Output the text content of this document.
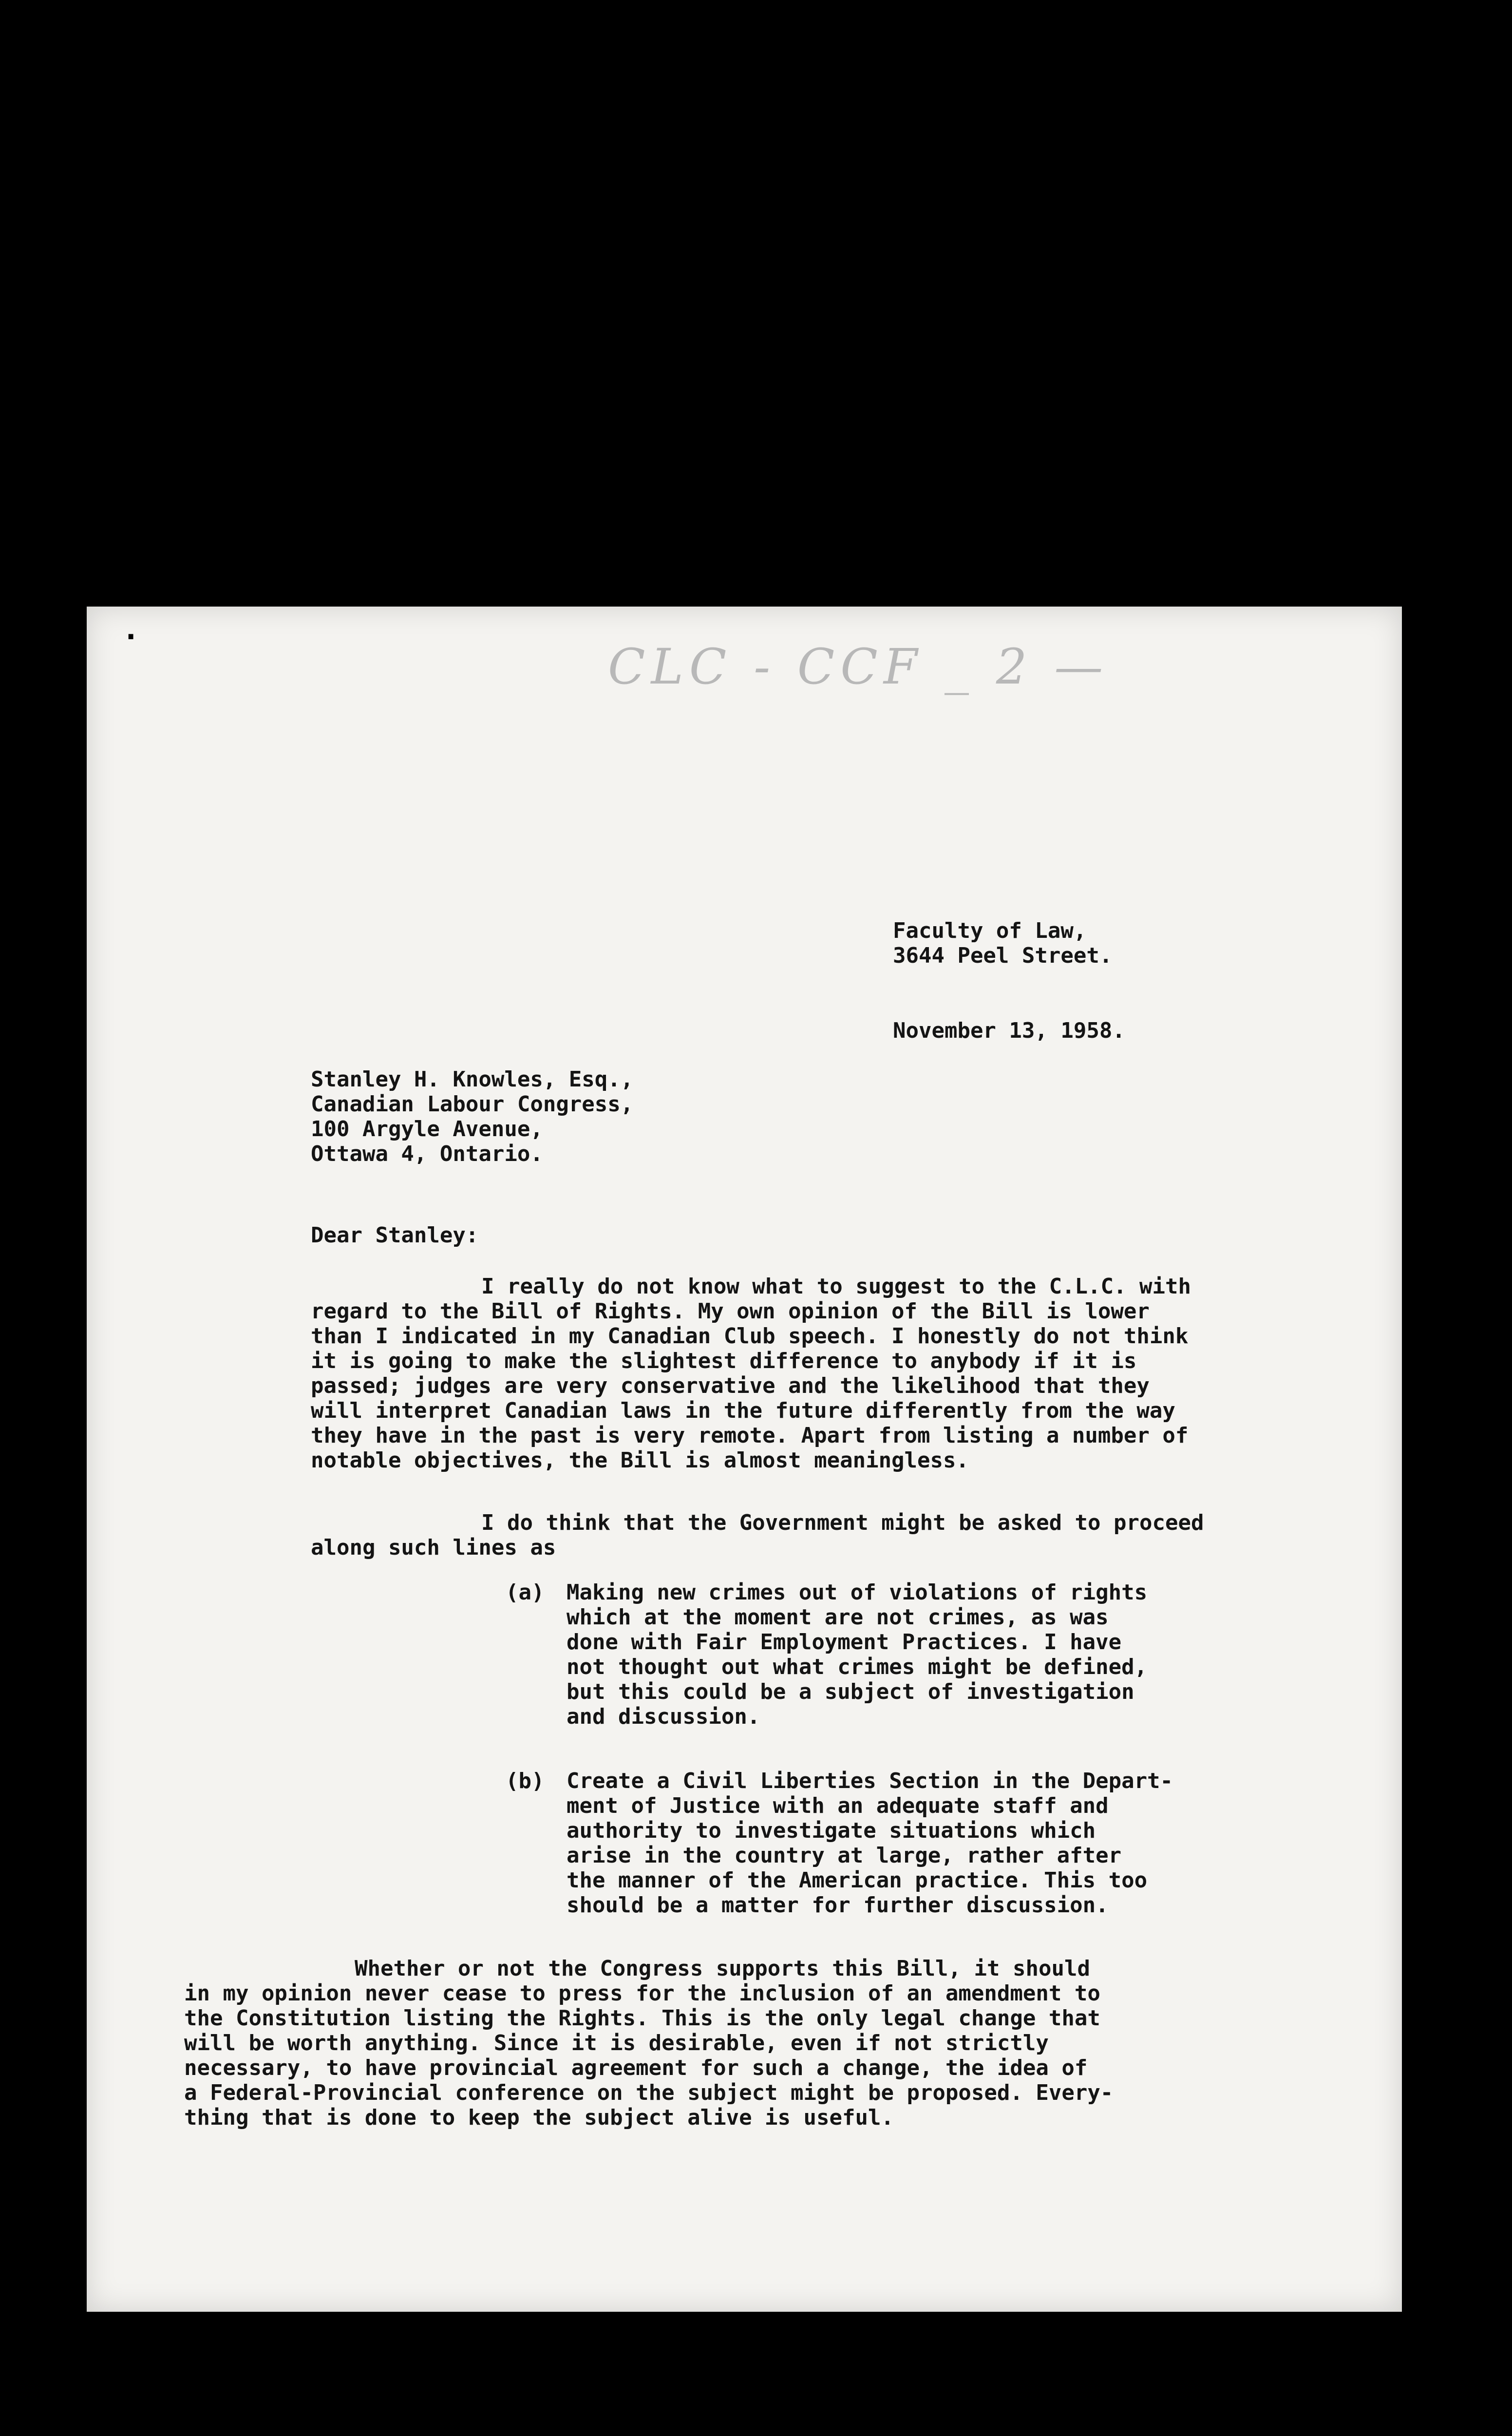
·
CLC - CCF _ 2 —
Faculty of Law,
3644 Peel Street.
November 13, 1958.
Stanley H. Knowles, Esq.,
Canadian Labour Congress,
100 Argyle Avenue,
Ottawa 4, Ontario.
Dear Stanley:
I really do not know what to suggest to the C.L.C. with
regard to the Bill of Rights. My own opinion of the Bill is lower
than I indicated in my Canadian Club speech. I honestly do not think
it is going to make the slightest difference to anybody if it is
passed; judges are very conservative and the likelihood that they
will interpret Canadian laws in the future differently from the way
they have in the past is very remote. Apart from listing a number of
notable objectives, the Bill is almost meaningless.
I do think that the Government might be asked to proceed
along such lines as
(a) Making new crimes out of violations of rights
which at the moment are not crimes, as was
done with Fair Employment Practices. I have
not thought out what crimes might be defined,
but this could be a subject of investigation
and discussion.
(b) Create a Civil Liberties Section in the Depart-
ment of Justice with an adequate staff and
authority to investigate situations which
arise in the country at large, rather after
the manner of the American practice. This too
should be a matter for further discussion.
Whether or not the Congress supports this Bill, it should
in my opinion never cease to press for the inclusion of an amendment to
the Constitution listing the Rights. This is the only legal change that
will be worth anything. Since it is desirable, even if not strictly
necessary, to have provincial agreement for such a change, the idea of
a Federal-Provincial conference on the subject might be proposed. Every-
thing that is done to keep the subject alive is useful.
